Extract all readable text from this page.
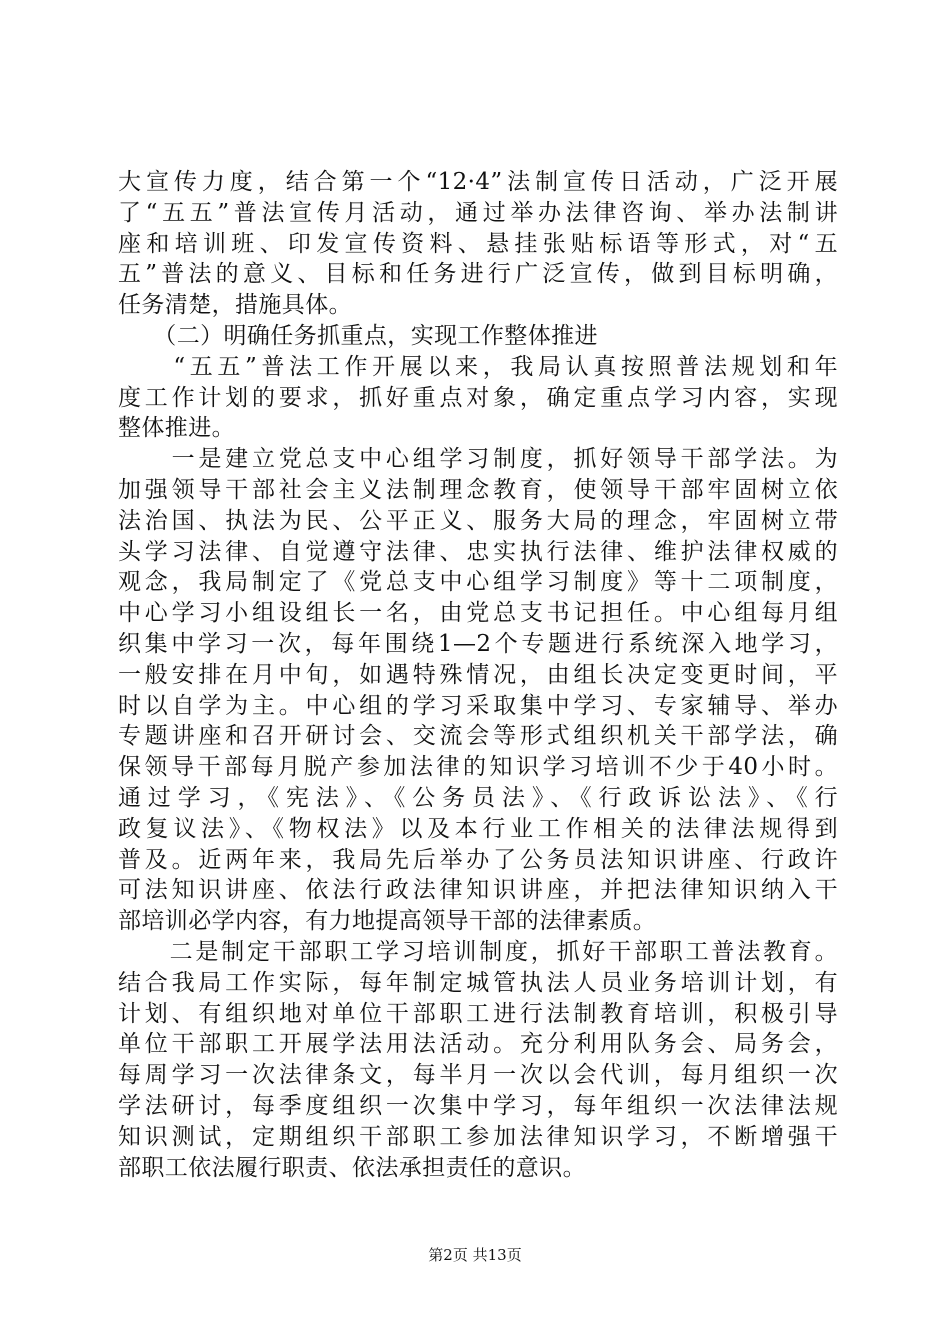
大宣传力度，结合第一个“12·4”法制宣传日活动，广泛开展
了“五五”普法宣传月活动，通过举办法律咨询、举办法制讲
座和培训班、印发宣传资料、悬挂张贴标语等形式，对“五
五”普法的意义、目标和任务进行广泛宣传，做到目标明确，
任务清楚，措施具体。
　　（二）明确任务抓重点，实现工作整体推进
　　“五五”普法工作开展以来，我局认真按照普法规划和年
度工作计划的要求，抓好重点对象，确定重点学习内容，实现
整体推进。
　　一是建立党总支中心组学习制度，抓好领导干部学法。为
加强领导干部社会主义法制理念教育，使领导干部牢固树立依
法治国、执法为民、公平正义、服务大局的理念，牢固树立带
头学习法律、自觉遵守法律、忠实执行法律、维护法律权威的
观念，我局制定了《党总支中心组学习制度》等十二项制度，
中心学习小组设组长一名，由党总支书记担任。中心组每月组
织集中学习一次，每年围绕1—2个专题进行系统深入地学习，
一般安排在月中旬，如遇特殊情况，由组长决定变更时间，平
时以自学为主。中心组的学习采取集中学习、专家辅导、举办
专题讲座和召开研讨会、交流会等形式组织机关干部学法，确
保领导干部每月脱产参加法律的知识学习培训不少于40小时。
通过学习，《宪法》、《公务员法》、《行政诉讼法》、《行
政复议法》、《物权法》以及本行业工作相关的法律法规得到
普及。近两年来，我局先后举办了公务员法知识讲座、行政许
可法知识讲座、依法行政法律知识讲座，并把法律知识纳入干
部培训必学内容，有力地提高领导干部的法律素质。
　　二是制定干部职工学习培训制度，抓好干部职工普法教育。
结合我局工作实际，每年制定城管执法人员业务培训计划，有
计划、有组织地对单位干部职工进行法制教育培训，积极引导
单位干部职工开展学法用法活动。充分利用队务会、局务会，
每周学习一次法律条文，每半月一次以会代训，每月组织一次
学法研讨，每季度组织一次集中学习，每年组织一次法律法规
知识测试，定期组织干部职工参加法律知识学习，不断增强干
部职工依法履行职责、依法承担责任的意识。
第2页 共13页
